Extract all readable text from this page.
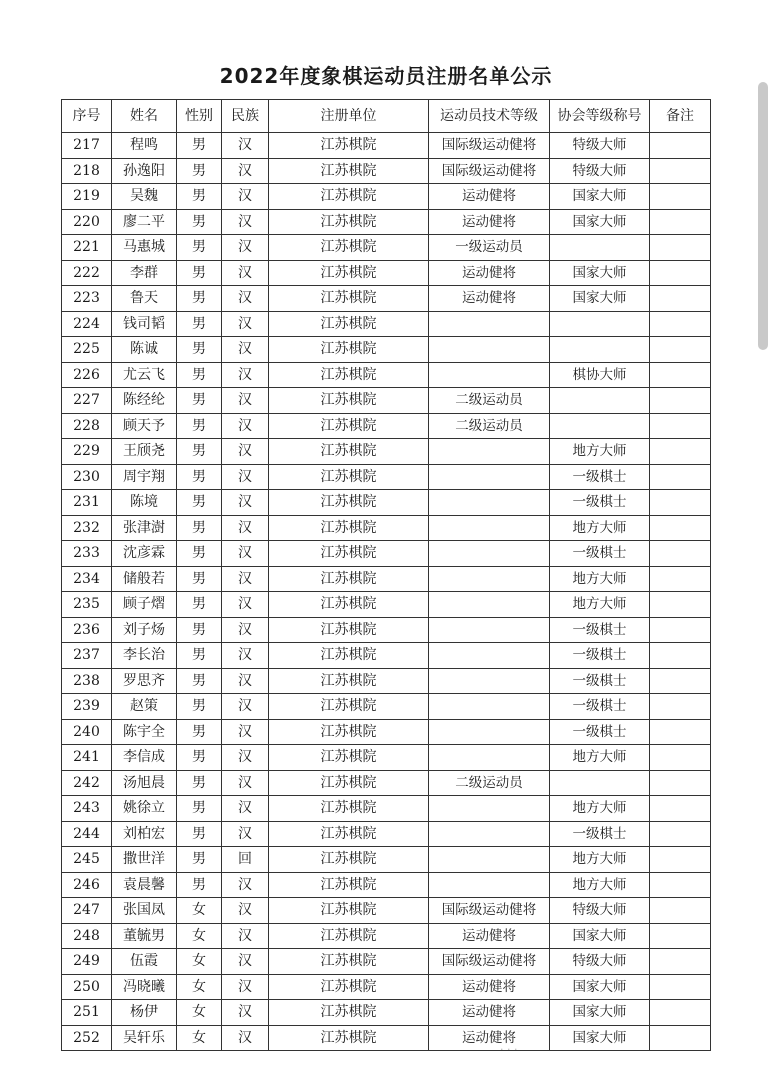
2022年度象棋运动员注册名单公示
序号	姓名	性别	民族	注册单位	运动员技术等级	协会等级称号	备注
217	程鸣	男	汉	江苏棋院	国际级运动健将	特级大师	
218	孙逸阳	男	汉	江苏棋院	国际级运动健将	特级大师	
219	吴魏	男	汉	江苏棋院	运动健将	国家大师	
220	廖二平	男	汉	江苏棋院	运动健将	国家大师	
221	马惠城	男	汉	江苏棋院	一级运动员		
222	李群	男	汉	江苏棋院	运动健将	国家大师	
223	鲁天	男	汉	江苏棋院	运动健将	国家大师	
224	钱司韬	男	汉	江苏棋院			
225	陈诚	男	汉	江苏棋院			
226	尤云飞	男	汉	江苏棋院		棋协大师	
227	陈经纶	男	汉	江苏棋院	二级运动员		
228	顾天予	男	汉	江苏棋院	二级运动员		
229	王颀尧	男	汉	江苏棋院		地方大师	
230	周宇翔	男	汉	江苏棋院		一级棋士	
231	陈境	男	汉	江苏棋院		一级棋士	
232	张津澍	男	汉	江苏棋院		地方大师	
233	沈彦霖	男	汉	江苏棋院		一级棋士	
234	储般若	男	汉	江苏棋院		地方大师	
235	顾子熠	男	汉	江苏棋院		地方大师	
236	刘子炀	男	汉	江苏棋院		一级棋士	
237	李长治	男	汉	江苏棋院		一级棋士	
238	罗思齐	男	汉	江苏棋院		一级棋士	
239	赵策	男	汉	江苏棋院		一级棋士	
240	陈宇全	男	汉	江苏棋院		一级棋士	
241	李信成	男	汉	江苏棋院		地方大师	
242	汤旭晨	男	汉	江苏棋院	二级运动员		
243	姚徐立	男	汉	江苏棋院		地方大师	
244	刘柏宏	男	汉	江苏棋院		一级棋士	
245	撒世洋	男	回	江苏棋院		地方大师	
246	袁晨馨	男	汉	江苏棋院		地方大师	
247	张国凤	女	汉	江苏棋院	国际级运动健将	特级大师	
248	董毓男	女	汉	江苏棋院	运动健将	国家大师	
249	伍霞	女	汉	江苏棋院	国际级运动健将	特级大师	
250	冯晓曦	女	汉	江苏棋院	运动健将	国家大师	
251	杨伊	女	汉	江苏棋院	运动健将	国家大师	
252	吴轩乐	女	汉	江苏棋院	运动健将	国家大师	
· · ·
